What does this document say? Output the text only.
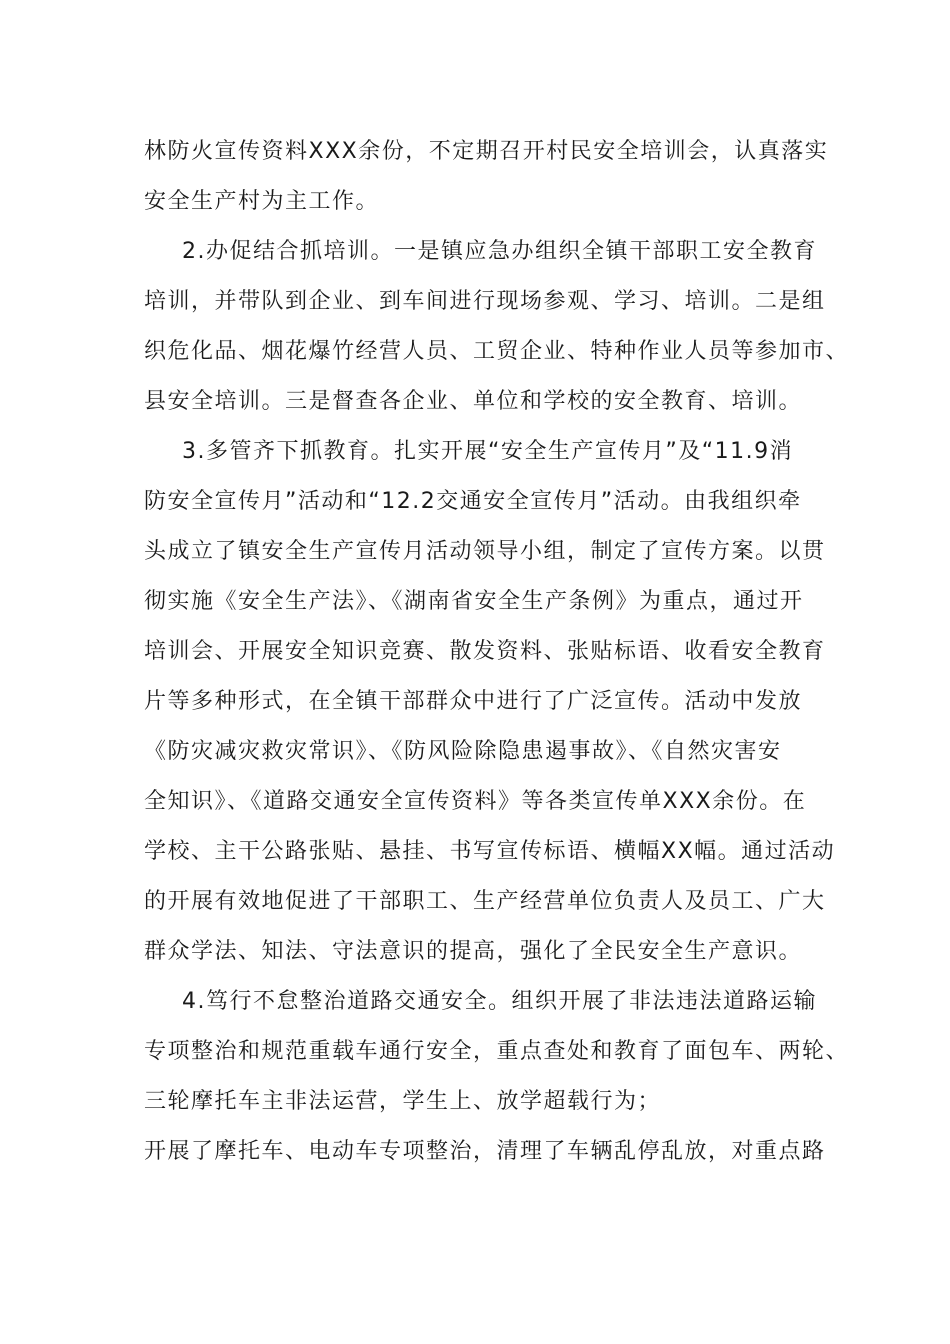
林防火宣传资料XXX余份，不定期召开村民安全培训会，认真落实
安全生产村为主工作。
2.办促结合抓培训。一是镇应急办组织全镇干部职工安全教育
培训，并带队到企业、到车间进行现场参观、学习、培训。二是组
织危化品、烟花爆竹经营人员、工贸企业、特种作业人员等参加市、
县安全培训。三是督查各企业、单位和学校的安全教育、培训。
3.多管齐下抓教育。扎实开展“安全生产宣传月”及“11.9消
防安全宣传月”活动和“12.2交通安全宣传月”活动。由我组织牵
头成立了镇安全生产宣传月活动领导小组，制定了宣传方案。以贯
彻实施《安全生产法》、《湖南省安全生产条例》为重点，通过开
培训会、开展安全知识竞赛、散发资料、张贴标语、收看安全教育
片等多种形式，在全镇干部群众中进行了广泛宣传。活动中发放
《防灾减灾救灾常识》、《防风险除隐患遏事故》、《自然灾害安
全知识》、《道路交通安全宣传资料》等各类宣传单XXX余份。在
学校、主干公路张贴、悬挂、书写宣传标语、横幅XX幅。通过活动
的开展有效地促进了干部职工、生产经营单位负责人及员工、广大
群众学法、知法、守法意识的提高，强化了全民安全生产意识。
4.笃行不怠整治道路交通安全。组织开展了非法违法道路运输
专项整治和规范重载车通行安全，重点查处和教育了面包车、两轮、
三轮摩托车主非法运营，学生上、放学超载行为；
开展了摩托车、电动车专项整治，清理了车辆乱停乱放，对重点路
